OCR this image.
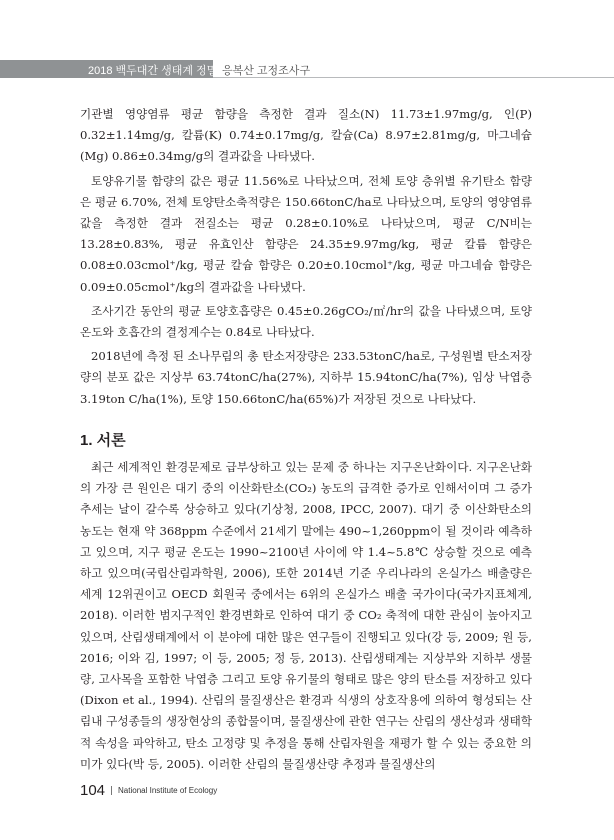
2018 백두대간 생태계 정밀조사
응복산 고정조사구

기관별 영양염류 평균 함량을 측정한 결과 질소(N) 11.73±1.97mg/g, 인(P) 0.32±1.14mg/g, 칼륨(K) 0.74±0.17mg/g, 칼슘(Ca) 8.97±2.81mg/g, 마그네슘(Mg) 0.86±0.34mg/g의 결과값을 나타냈다.

토양유기물 함량의 값은 평균 11.56%로 나타났으며, 전체 토양 층위별 유기탄소 함량은 평균 6.70%, 전체 토양탄소축적량은 150.66tonC/ha로 나타났으며, 토양의 영양염류 값을 측정한 결과 전질소는 평균 0.28±0.10%로 나타났으며, 평균 C/N비는 13.28±0.83%, 평균 유효인산 함량은 24.35±9.97mg/kg, 평균 칼륨 함량은 0.08±0.03cmol⁺/kg, 평균 칼슘 함량은 0.20±0.10cmol⁺/kg, 평균 마그네슘 함량은 0.09±0.05cmol⁺/kg의 결과값을 나타냈다.

조사기간 동안의 평균 토양호흡량은 0.45±0.26gCO₂/㎡/hr의 값을 나타냈으며, 토양온도와 호흡간의 결정계수는 0.84로 나타났다.

2018년에 측정 된 소나무림의 총 탄소저장량은 233.53tonC/ha로, 구성원별 탄소저장량의 분포 값은 지상부 63.74tonC/ha(27%), 지하부 15.94tonC/ha(7%), 임상 낙엽층 3.19ton C/ha(1%), 토양 150.66tonC/ha(65%)가 저장된 것으로 나타났다.

1. 서론

최근 세계적인 환경문제로 급부상하고 있는 문제 중 하나는 지구온난화이다. 지구온난화의 가장 큰 원인은 대기 중의 이산화탄소(CO₂) 농도의 급격한 증가로 인해서이며 그 증가 추세는 날이 갈수록 상승하고 있다(기상청, 2008, IPCC, 2007). 대기 중 이산화탄소의 농도는 현재 약 368ppm 수준에서 21세기 말에는 490~1,260ppm이 될 것이라 예측하고 있으며, 지구 평균 온도는 1990~2100년 사이에 약 1.4~5.8℃ 상승할 것으로 예측하고 있으며(국립산림과학원, 2006), 또한 2014년 기준 우리나라의 온실가스 배출량은 세계 12위권이고 OECD 회원국 중에서는 6위의 온실가스 배출 국가이다(국가지표체계, 2018). 이러한 범지구적인 환경변화로 인하여 대기 중 CO₂ 축적에 대한 관심이 높아지고 있으며, 산림생태계에서 이 분야에 대한 많은 연구들이 진행되고 있다(강 등, 2009; 원 등, 2016; 이와 김, 1997; 이 등, 2005; 정 등, 2013). 산림생태계는 지상부와 지하부 생물량, 고사목을 포함한 낙엽층 그리고 토양 유기물의 형태로 많은 양의 탄소를 저장하고 있다(Dixon et al., 1994). 산림의 물질생산은 환경과 식생의 상호작용에 의하여 형성되는 산림내 구성종들의 생장현상의 종합물이며, 물질생산에 관한 연구는 산림의 생산성과 생태학적 속성을 파악하고, 탄소 고정량 및 추정을 통해 산림자원을 재평가 할 수 있는 중요한 의미가 있다(박 등, 2005). 이러한 산림의 물질생산량 추정과 물질생산의

104 National Institute of Ecology
